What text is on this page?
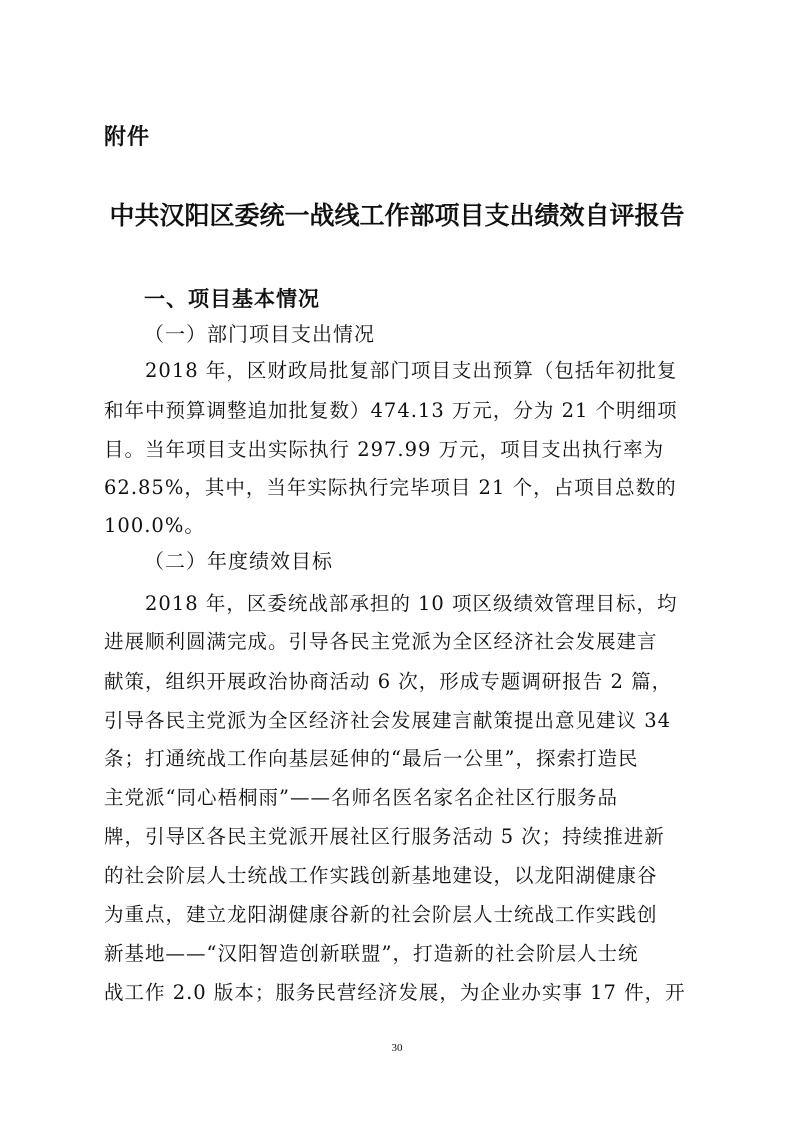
附件
中共汉阳区委统一战线工作部项目支出绩效自评报告
一、项目基本情况
（一）部门项目支出情况
　　2018 年，区财政局批复部门项目支出预算（包括年初批复
和年中预算调整追加批复数）474.13 万元，分为 21 个明细项
目。当年项目支出实际执行 297.99 万元，项目支出执行率为
62.85%，其中，当年实际执行完毕项目 21 个，占项目总数的
100.0%。
（二）年度绩效目标
　　2018 年，区委统战部承担的 10 项区级绩效管理目标，均
进展顺利圆满完成。引导各民主党派为全区经济社会发展建言
献策，组织开展政治协商活动 6 次，形成专题调研报告 2 篇，
引导各民主党派为全区经济社会发展建言献策提出意见建议 34
条；打通统战工作向基层延伸的“最后一公里”，探索打造民
主党派“同心梧桐雨”——名师名医名家名企社区行服务品
牌，引导区各民主党派开展社区行服务活动 5 次；持续推进新
的社会阶层人士统战工作实践创新基地建设，以龙阳湖健康谷
为重点，建立龙阳湖健康谷新的社会阶层人士统战工作实践创
新基地——“汉阳智造创新联盟”，打造新的社会阶层人士统
战工作 2.0 版本；服务民营经济发展，为企业办实事 17 件，开
30
